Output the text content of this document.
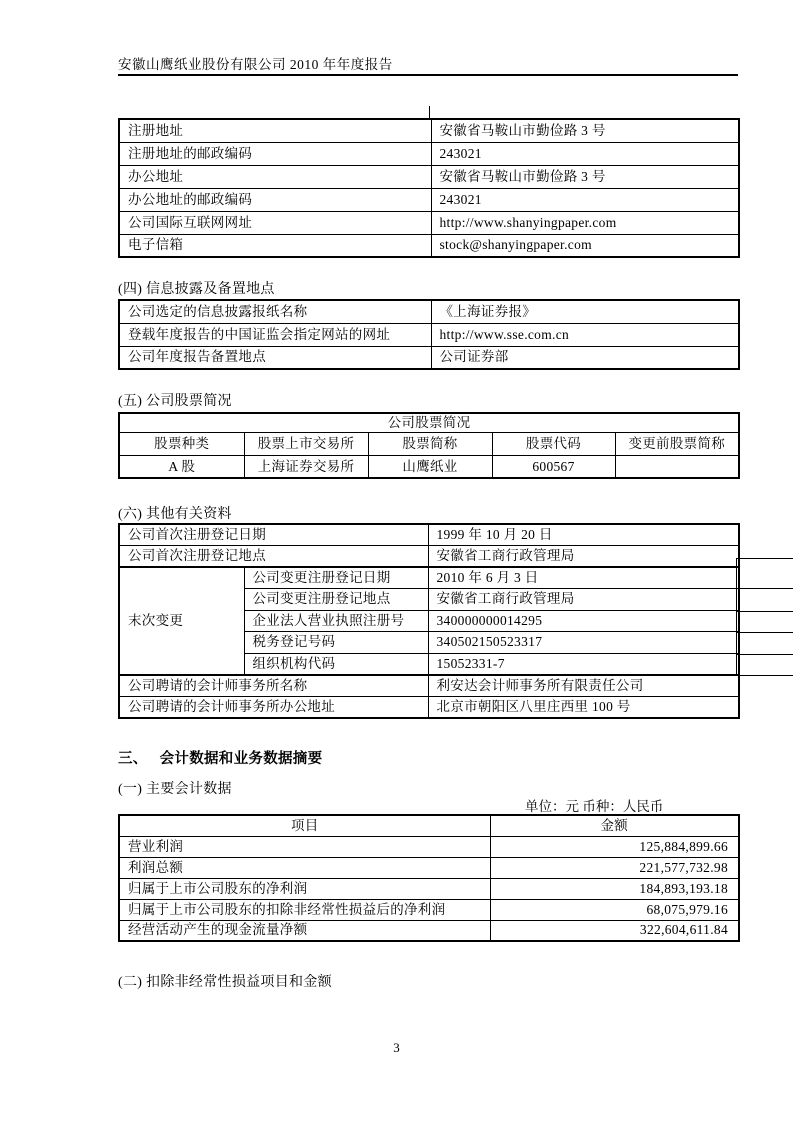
安徽山鹰纸业股份有限公司 2010 年年度报告
注册地址	安徽省马鞍山市勤俭路 3 号
注册地址的邮政编码	243021
办公地址	安徽省马鞍山市勤俭路 3 号
办公地址的邮政编码	243021
公司国际互联网网址	http://www.shanyingpaper.com
电子信箱	stock@shanyingpaper.com
(四) 信息披露及备置地点
公司选定的信息披露报纸名称	《上海证券报》
登载年度报告的中国证监会指定网站的网址	http://www.sse.com.cn
公司年度报告备置地点	公司证券部
(五) 公司股票简况
公司股票简况				
股票种类	股票上市交易所	股票简称	股票代码	变更前股票简称
A 股	上海证券交易所	山鹰纸业	600567	
(六) 其他有关资料
公司首次注册登记日期		1999 年 10 月 20 日
公司首次注册登记地点		安徽省工商行政管理局
末次变更	公司变更注册登记日期	2010 年 6 月 3 日
	公司变更注册登记地点	安徽省工商行政管理局
	企业法人营业执照注册号	340000000014295
	税务登记号码	340502150523317
	组织机构代码	15052331-7
公司聘请的会计师事务所名称		利安达会计师事务所有限责任公司
公司聘请的会计师事务所办公地址		北京市朝阳区八里庄西里 100 号
三、 会计数据和业务数据摘要
(一) 主要会计数据
单位：元 币种：人民币
项目	金额
营业利润	125,884,899.66
利润总额	221,577,732.98
归属于上市公司股东的净利润	184,893,193.18
归属于上市公司股东的扣除非经常性损益后的净利润	68,075,979.16
经营活动产生的现金流量净额	322,604,611.84
(二) 扣除非经常性损益项目和金额
3
